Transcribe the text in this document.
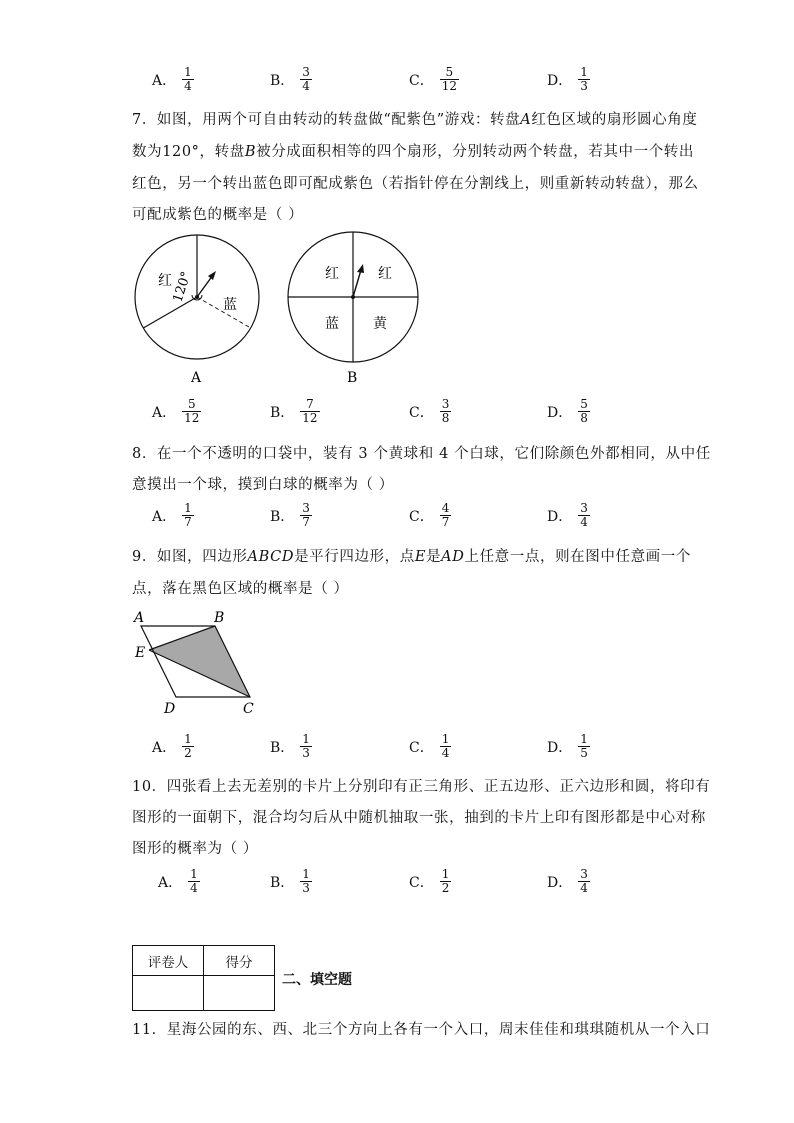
A． $\frac{1}{4}$	B． $\frac{3}{4}$	C． $\frac{5}{12}$	D． $\frac{1}{3}$
7．如图，用两个可自由转动的转盘做“配紫色”游戏：转盘A红色区域的扇形圆心角度
数为120°，转盘B被分成面积相等的四个扇形，分别转动两个转盘，若其中一个转出
红色，另一个转出蓝色即可配成紫色（若指针停在分割线上，则重新转动转盘），那么
可配成紫色的概率是（ ）
红
蓝
120°
A
红	红
蓝 黄
B
A． $\frac{5}{12}$	B． $\frac{7}{12}$	C． $\frac{3}{8}$	D． $\frac{5}{8}$
8．在一个不透明的口袋中，装有 3 个黄球和 4 个白球，它们除颜色外都相同，从中任
意摸出一个球，摸到白球的概率为（ ）
A． $\frac{1}{7}$	B． $\frac{3}{7}$	C． $\frac{4}{7}$	D． $\frac{3}{4}$
9．如图，四边形ABCD是平行四边形，点E是AD上任意一点，则在图中任意画一个
点，落在黑色区域的概率是（ ）
A	B
E
D	C
A． $\frac{1}{2}$	B． $\frac{1}{3}$	C． $\frac{1}{4}$	D． $\frac{1}{5}$
10．四张看上去无差别的卡片上分别印有正三角形、正五边形、正六边形和圆，将印有
图形的一面朝下，混合均匀后从中随机抽取一张，抽到的卡片上印有图形都是中心对称
图形的概率为（ ）
A． $\frac{1}{4}$	B． $\frac{1}{3}$	C． $\frac{1}{2}$	D． $\frac{3}{4}$
评卷人	得分

二、填空题
11．星海公园的东、西、北三个方向上各有一个入口，周末佳佳和琪琪随机从一个入口
